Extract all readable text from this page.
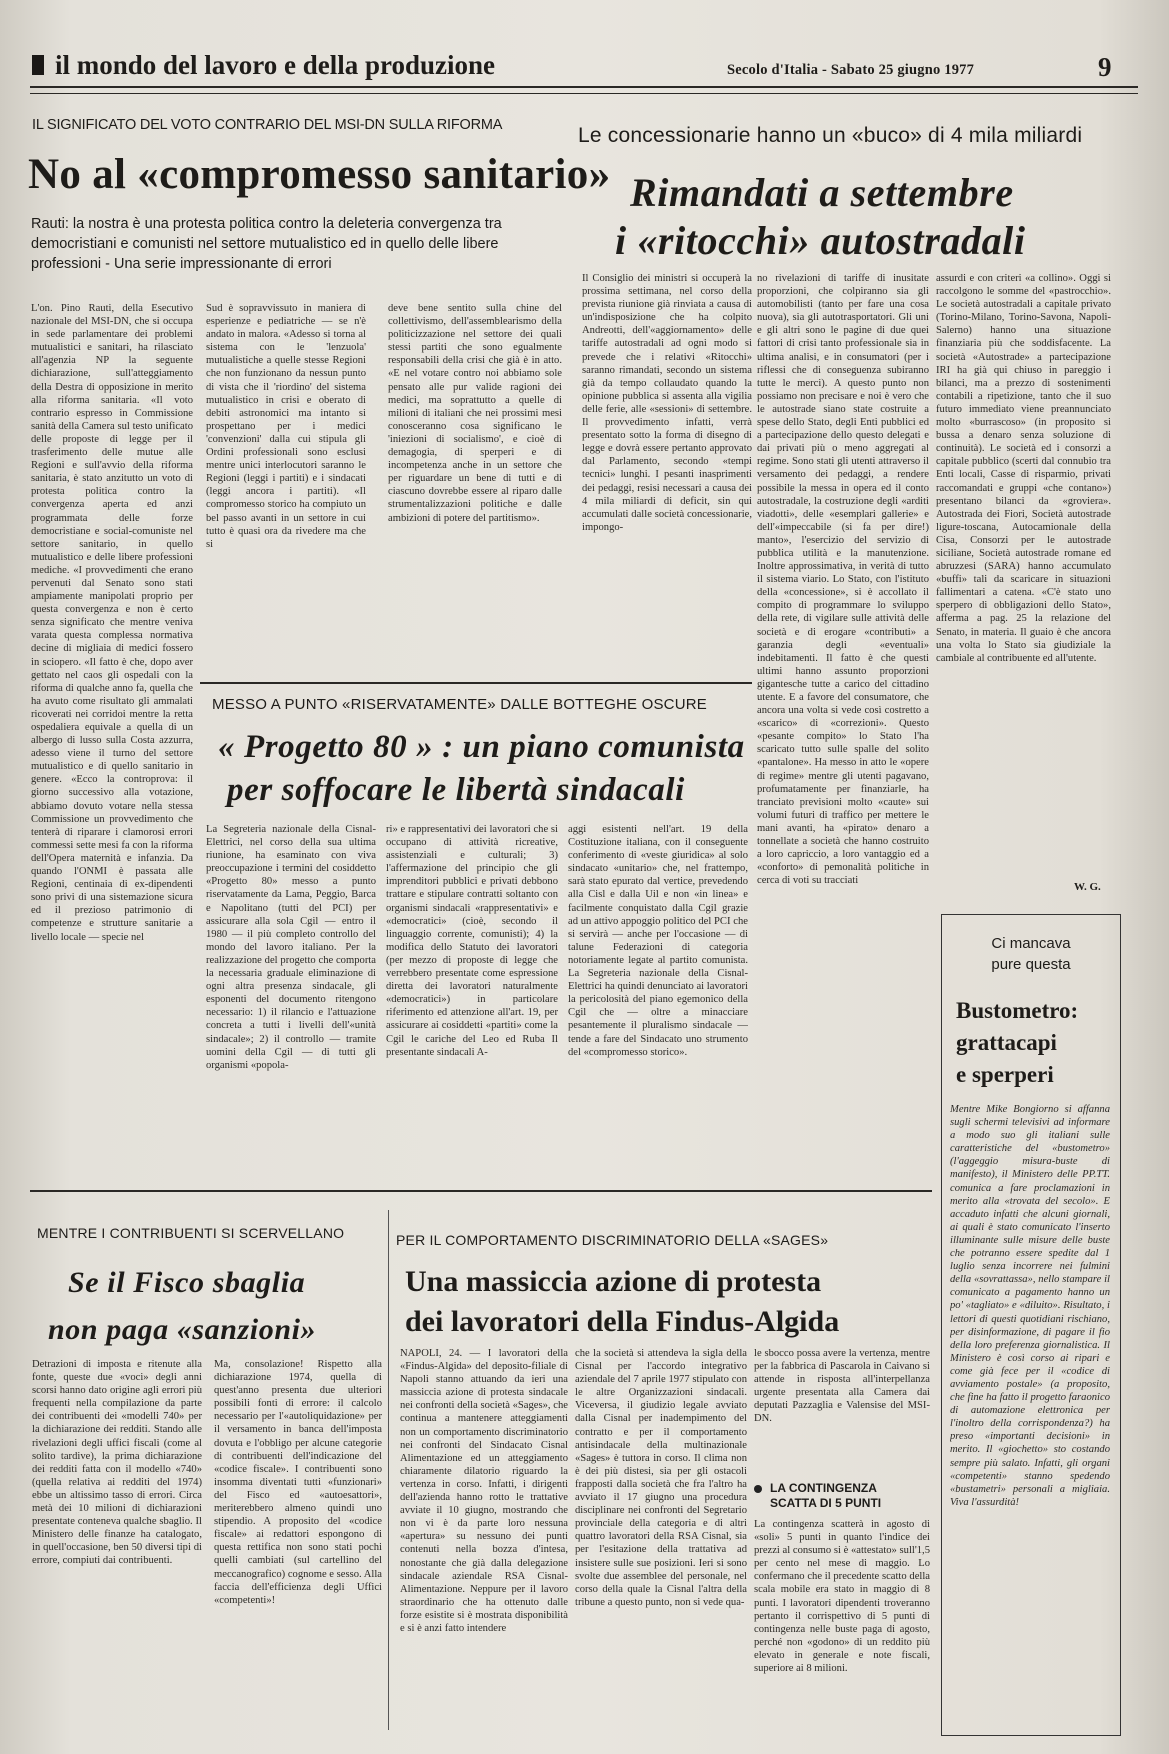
il mondo del lavoro e della produzione	Secolo d'Italia - Sabato 25 giugno 1977	9
IL SIGNIFICATO DEL VOTO CONTRARIO DEL MSI-DN SULLA RIFORMA
No al «compromesso sanitario»
Rauti: la nostra è una protesta politica contro la deleteria convergenza tra democristiani e comunisti nel settore mutualistico ed in quello delle libere professioni - Una serie impressionante di errori
L'on. Pino Rauti, della Esecutivo nazionale del MSI-DN, che si occupa in sede parlamentare dei problemi mutualistici e sanitari, ha rilasciato all'agenzia NP la seguente dichiarazione, sull'atteggiamento della Destra di opposizione in merito alla riforma sanitaria. «Il voto contrario espresso in Commissione sanità della Camera sul testo unificato delle proposte di legge per il trasferimento delle mutue alle Regioni e sull'avvio della riforma sanitaria, è stato anzitutto un voto di protesta politica contro la convergenza aperta ed anzi programmata delle forze democristiane e social-comuniste nel settore sanitario, in quello mutualistico e delle libere professioni mediche. «I provvedimenti che erano pervenuti dal Senato sono stati ampiamente manipolati proprio per questa convergenza e non è certo senza significato che mentre veniva varata questa complessa normativa decine di migliaia di medici fossero in sciopero. «Il fatto è che, dopo aver gettato nel caos gli ospedali con la riforma di qualche anno fa, quella che ha avuto come risultato gli ammalati ricoverati nei corridoi mentre la retta ospedaliera equivale a quella di un albergo di lusso sulla Costa azzurra, adesso viene il turno del settore mutualistico e di quello sanitario in genere. «Ecco la controprova: il giorno successivo alla votazione, abbiamo dovuto votare nella stessa Commissione un provvedimento che tenterà di riparare i clamorosi errori commessi sette mesi fa con la riforma dell'Opera maternità e infanzia. Da quando l'ONMI è passata alle Regioni, centinaia di ex-dipendenti sono privi di una sistemazione sicura ed il prezioso patrimonio di competenze e strutture sanitarie a livello locale — specie nel
Sud è sopravvissuto in maniera di esperienze e pediatriche — se n'è andato in malora. «Adesso si torna al sistema con le 'lenzuola' mutualistiche a quelle stesse Regioni che non funzionano da nessun punto di vista che il 'riordino' del sistema mutualistico in crisi e oberato di debiti astronomici ma intanto si prospettano per i medici 'convenzioni' dalla cui stipula gli Ordini professionali sono esclusi mentre unici interlocutori saranno le Regioni (leggi i partiti) e i sindacati (leggi ancora i partiti). «Il compromesso storico ha compiuto un bel passo avanti in un settore in cui tutto è quasi ora da rivedere ma che si
deve bene sentito sulla chine del collettivismo, dell'assemblearismo della politicizzazione nel settore dei quali stessi partiti che sono egualmente responsabili della crisi che già è in atto. «E nel votare contro noi abbiamo sole pensato alle pur valide ragioni dei medici, ma soprattutto a quelle di milioni di italiani che nei prossimi mesi conosceranno cosa significano le 'iniezioni di socialismo', e cioè di demagogia, di sperperi e di incompetenza anche in un settore che per riguardare un bene di tutti e di ciascuno dovrebbe essere al riparo dalle strumentalizzazioni politiche e dalle ambizioni di potere del partitismo».
Le concessionarie hanno un «buco» di 4 mila miliardi
Rimandati a settembre
i «ritocchi» autostradali
Il Consiglio dei ministri si occuperà la prossima settimana, nel corso della prevista riunione già rinviata a causa di un'indisposizione che ha colpito Andreotti, dell'«aggiornamento» delle tariffe autostradali ad ogni modo si prevede che i relativi «Ritocchi» saranno rimandati, secondo un sistema già da tempo collaudato quando la opinione pubblica si assenta alla vigilia delle ferie, alle «sessioni» di settembre. Il provvedimento infatti, verrà presentato sotto la forma di disegno di legge e dovrà essere pertanto approvato dal Parlamento, secondo «tempi tecnici» lunghi. I pesanti inasprimenti dei pedaggi, resisi necessari a causa dei 4 mila miliardi di deficit, sin qui accumulati dalle società concessionarie, impongo-
no rivelazioni di tariffe di inusitate proporzioni, che colpiranno sia gli automobilisti (tanto per fare una cosa nuova), sia gli autotrasportatori. Gli uni e gli altri sono le pagine di due quei fattori di crisi tanto professionale sia in ultima analisi, e in consumatori (per i riflessi che di conseguenza subiranno tutte le merci). A questo punto non possiamo non precisare e noi è vero che le autostrade siano state costruite a spese dello Stato, degli Enti pubblici ed a partecipazione dello questo delegati e dai privati più o meno aggregati al regime. Sono stati gli utenti attraverso il versamento dei pedaggi, a rendere possibile la messa in opera ed il conto autostradale, la costruzione degli «arditi viadotti», delle «esemplari gallerie» e dell'«impeccabile (si fa per dire!) manto», l'esercizio del servizio di pubblica utilità e la manutenzione. Inoltre approssimativa, in verità di tutto il sistema viario. Lo Stato, con l'istituto della «concessione», si è accollato il compito di programmare lo sviluppo della rete, di vigilare sulle attività delle società e di erogare «contributi» a garanzia degli «eventuali» indebitamenti. Il fatto è che questi ultimi hanno assunto proporzioni gigantesche tutte a carico del cittadino utente. E a favore del consumatore, che ancora una volta si vede così costretto a «scarico» di «correzioni». Questo «pesante compito» lo Stato l'ha scaricato tutto sulle spalle del solito «pantalone». Ha messo in atto le «opere di regime» mentre gli utenti pagavano, profumatamente per finanziarle, ha tranciato previsioni molto «caute» sui volumi futuri di traffico per mettere le mani avanti, ha «pirato» denaro a tonnellate a società che hanno costruito a loro capriccio, a loro vantaggio ed a «conforto» di pemonalità politiche in cerca di voti su tracciati
assurdi e con criteri «a collino». Oggi si raccolgono le somme del «pastrocchio». Le società autostradali a capitale privato (Torino-Milano, Torino-Savona, Napoli-Salerno) hanno una situazione finanziaria più che soddisfacente. La società «Autostrade» a partecipazione IRI ha già qui chiuso in pareggio i bilanci, ma a prezzo di sostenimenti contabili a ripetizione, tanto che il suo futuro immediato viene preannunciato molto «burrascoso» (in proposito si bussa a denaro senza soluzione di continuità). Le società ed i consorzi a capitale pubblico (scerti dal connubio tra Enti locali, Casse di risparmio, privati raccomandati e gruppi «che contano») presentano bilanci da «groviera». Autostrada dei Fiori, Società autostrade ligure-toscana, Autocamionale della Cisa, Consorzi per le autostrade siciliane, Società autostrade romane ed abruzzesi (SARA) hanno accumulato «buffi» tali da scaricare in situazioni fallimentari a catena. «C'è stato uno sperpero di obbligazioni dello Stato», afferma a pag. 25 la relazione del Senato, in materia. Il guaio è che ancora una volta lo Stato sia giudiziale la cambiale al contribuente ed all'utente.
W. G.
MESSO A PUNTO «RISERVATAMENTE» DALLE BOTTEGHE OSCURE
« Progetto 80 » : un piano comunista
per soffocare le libertà sindacali
La Segreteria nazionale della Cisnal-Elettrici, nel corso della sua ultima riunione, ha esaminato con viva preoccupazione i termini del cosiddetto «Progetto 80» messo a punto riservatamente da Lama, Peggio, Barca e Napolitano (tutti del PCI) per assicurare alla sola Cgil — entro il 1980 — il più completo controllo del mondo del lavoro italiano. Per la realizzazione del progetto che comporta la necessaria graduale eliminazione di ogni altra presenza sindacale, gli esponenti del documento ritengono necessario: 1) il rilancio e l'attuazione concreta a tutti i livelli dell'«unità sindacale»; 2) il controllo — tramite uomini della Cgil — di tutti gli organismi «popola-
ri» e rappresentativi dei lavoratori che si occupano di attività ricreative, assistenziali e culturali; 3) l'affermazione del principio che gli imprenditori pubblici e privati debbono trattare e stipulare contratti soltanto con organismi sindacali «rappresentativi» e «democratici» (cioè, secondo il linguaggio corrente, comunisti); 4) la modifica dello Statuto dei lavoratori (per mezzo di proposte di legge che verrebbero presentate come espressione diretta dei lavoratori naturalmente «democratici») in particolare riferimento ed attenzione all'art. 19, per assicurare ai cosiddetti «partiti» come la Cgil le cariche del Leo ed Ruba Il presentante sindacali A-
aggi esistenti nell'art. 19 della Costituzione italiana, con il conseguente conferimento di «veste giuridica» al solo sindacato «unitario» che, nel frattempo, sarà stato epurato dal vertice, prevedendo alla Cisl e dalla Uil e non «in linea» e facilmente conquistato dalla Cgil grazie ad un attivo appoggio politico del PCI che si servirà — anche per l'occasione — di talune Federazioni di categoria notoriamente legate al partito comunista. La Segreteria nazionale della Cisnal-Elettrici ha quindi denunciato ai lavoratori la pericolosità del piano egemonico della Cgil che — oltre a minacciare pesantemente il pluralismo sindacale — tende a fare del Sindacato uno strumento del «compromesso storico».
Ci mancava
pure questa
Bustometro:
grattacapi
e sperperi
Mentre Mike Bongiorno si affanna sugli schermi televisivi ad informare a modo suo gli italiani sulle caratteristiche del «bustometro» (l'aggeggio misura-buste di manifesto), il Ministero delle PP.TT. comunica a fare proclamazioni in merito alla «trovata del secolo». E accaduto infatti che alcuni giornali, ai quali è stato comunicato l'inserto illuminante sulle misure delle buste che potranno essere spedite dal 1 luglio senza incorrere nei fulmini della «sovrattassa», nello stampare il comunicato a pagamento hanno un po' «tagliato» e «diluito». Risultato, i lettori di questi quotidiani rischiano, per disinformazione, di pagare il fio della loro preferenza giornalistica. Il Ministero è così corso ai ripari e come già fece per il «codice di avviamento postale» (a proposito, che fine ha fatto il progetto faraonico di automazione elettronica per l'inoltro della corrispondenza?) ha preso «importanti decisioni» in merito. Il «giochetto» sto costando sempre più salato. Infatti, gli organi «competenti» stanno spedendo «bustametri» personali a migliaia. Viva l'assurdità!
MENTRE I CONTRIBUENTI SI SCERVELLANO
Se il Fisco sbaglia
non paga «sanzioni»
Detrazioni di imposta e ritenute alla fonte, queste due «voci» degli anni scorsi hanno dato origine agli errori più frequenti nella compilazione da parte dei contribuenti dei «modelli 740» per la dichiarazione dei redditi. Stando alle rivelazioni degli uffici fiscali (come al solito tardive), la prima dichiarazione dei redditi fatta con il modello «740» (quella relativa ai redditi del 1974) ebbe un altissimo tasso di errori. Circa metà dei 10 milioni di dichiarazioni presentate conteneva qualche sbaglio. Il Ministero delle finanze ha catalogato, in quell'occasione, ben 50 diversi tipi di errore, compiuti dai contribuenti.
Ma, consolazione! Rispetto alla dichiarazione 1974, quella di quest'anno presenta due ulteriori possibili fonti di errore: il calcolo necessario per l'«autoliquidazione» per il versamento in banca dell'imposta dovuta e l'obbligo per alcune categorie di contribuenti dell'indicazione del «codice fiscale». I contribuenti sono insomma diventati tutti «funzionari» del Fisco ed «autoesattori», meriterebbero almeno quindi uno stipendio. A proposito del «codice fiscale» ai redattori espongono di questa rettifica non sono stati pochi quelli cambiati (sul cartellino del meccanografico) cognome e sesso. Alla faccia dell'efficienza degli Uffici «competenti»!
PER IL COMPORTAMENTO DISCRIMINATORIO DELLA «SAGES»
Una massiccia azione di protesta
dei lavoratori della Findus-Algida
NAPOLI, 24. — I lavoratori della «Findus-Algida» del deposito-filiale di Napoli stanno attuando da ieri una massiccia azione di protesta sindacale nei confronti della società «Sages», che continua a mantenere atteggiamenti non un comportamento discriminatorio nei confronti del Sindacato Cisnal Alimentazione ed un atteggiamento chiaramente dilatorio riguardo la vertenza in corso. Infatti, i dirigenti dell'azienda hanno rotto le trattative avviate il 10 giugno, mostrando che non vi è da parte loro nessuna «apertura» su nessuno dei punti contenuti nella bozza d'intesa, nonostante che già dalla delegazione sindacale aziendale RSA Cisnal-Alimentazione. Neppure per il lavoro straordinario che ha ottenuto dalle forze esistite si è mostrata disponibilità e si è anzi fatto intendere
che la società si attendeva la sigla della Cisnal per l'accordo integrativo aziendale del 7 aprile 1977 stipulato con le altre Organizzazioni sindacali. Viceversa, il giudizio legale avviato dalla Cisnal per inadempimento del contratto e per il comportamento antisindacale della multinazionale «Sages» è tuttora in corso. Il clima non è dei più distesi, sia per gli ostacoli frapposti dalla società che fra l'altro ha avviato il 17 giugno una procedura disciplinare nei confronti del Segretario provinciale della categoria e di altri quattro lavoratori della RSA Cisnal, sia per l'esitazione della trattativa ad insistere sulle sue posizioni. Ieri si sono svolte due assemblee del personale, nel corso della quale la Cisnal l'altra della tribune a questo punto, non si vede qua-
le sbocco possa avere la vertenza, mentre per la fabbrica di Pascarola in Caivano si attende in risposta all'interpellanza urgente presentata alla Camera dai deputati Pazzaglia e Valensise del MSI-DN.
LA CONTINGENZA
SCATTA DI 5 PUNTI
La contingenza scatterà in agosto di «soli» 5 punti in quanto l'indice dei prezzi al consumo si è «attestato» sull'1,5 per cento nel mese di maggio. Lo confermano che il precedente scatto della scala mobile era stato in maggio di 8 punti. I lavoratori dipendenti troveranno pertanto il corrispettivo di 5 punti di contingenza nelle buste paga di agosto, perché non «godono» di un reddito più elevato in generale e note fiscali, superiore ai 8 milioni.
